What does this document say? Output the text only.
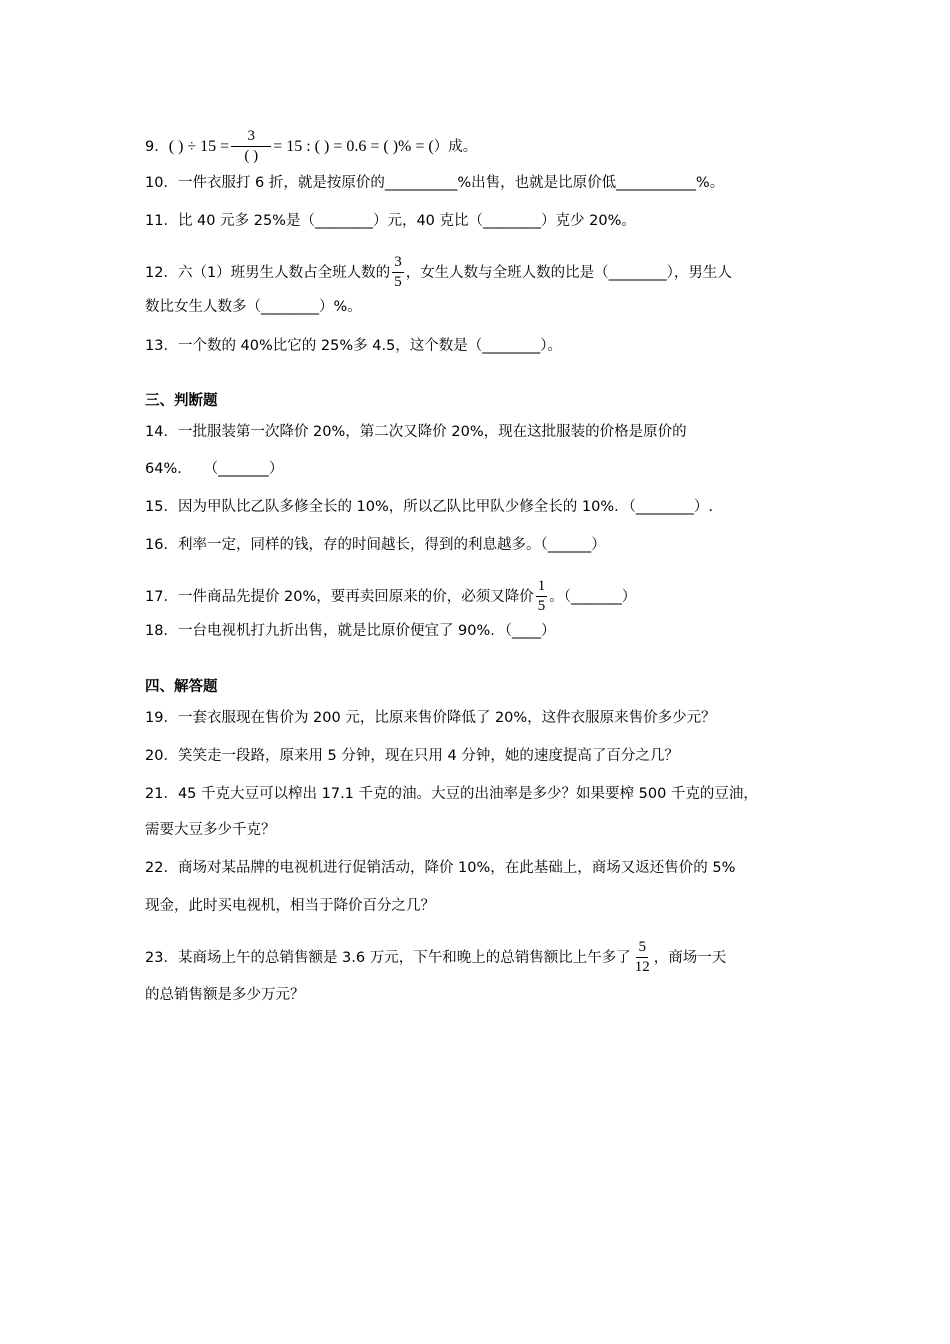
9． ( ) ÷ $15 = \frac{3}{( )} = 15$ : ( ) = 0.6 = ( )% = ( ）成。
10．一件衣服打 6 折，就是按原价的__________%出售，也就是比原价低___________%。
11．比 40 元多 25%是（________）元，40 克比（________）克少 20%。
12．六（1）班男生人数占全班人数的 $\frac{3}{5}$ ，女生人数与全班人数的比是（________），男生人
数比女生人数多（________）%。
13．一个数的 40%比它的 25%多 4.5，这个数是（________）。
三、判断题
14．一批服装第一次降价 20%，第二次又降价 20%，现在这批服装的价格是原价的
64%.　　（_______）
15．因为甲队比乙队多修全长的 10%，所以乙队比甲队少修全长的 10%．（________）.
16．利率一定，同样的钱，存的时间越长，得到的利息越多。（______）
17．一件商品先提价 20%，要再卖回原来的价，必须又降价 $\frac{1}{5}$ 。（_______）
18．一台电视机打九折出售，就是比原价便宜了 90%．（____）
四、解答题
19．一套衣服现在售价为 200 元，比原来售价降低了 20%，这件衣服原来售价多少元？
20．笑笑走一段路，原来用 5 分钟，现在只用 4 分钟，她的速度提高了百分之几？
21．45 千克大豆可以榨出 17.1 千克的油。大豆的出油率是多少？如果要榨 500 千克的豆油，
需要大豆多少千克？
22．商场对某品牌的电视机进行促销活动，降价 10%，在此基础上，商场又返还售价的 5%
现金，此时买电视机，相当于降价百分之几？
23．某商场上午的总销售额是 3.6 万元，下午和晚上的总销售额比上午多了 $\frac{5}{12}$ ，商场一天
的总销售额是多少万元？
